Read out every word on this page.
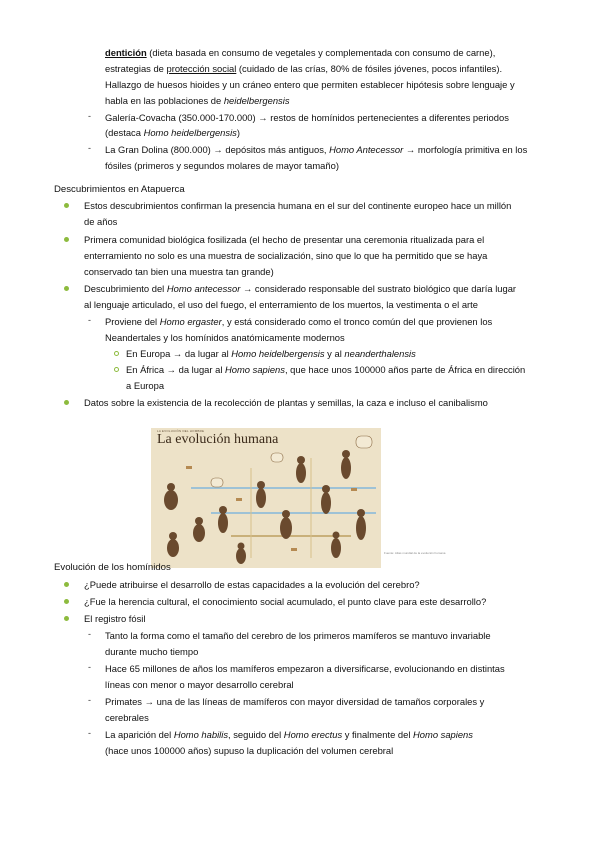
dentición (dieta basada en consumo de vegetales y complementada con consumo de carne),
estrategias de protección social (cuidado de las crías, 80% de fósiles jóvenes, pocos infantiles).
Hallazgo de huesos hioides y un cráneo entero que permiten establecer hipótesis sobre lenguaje y
habla en las poblaciones de heidelbergensis
- Galería-Covacha (350.000-170.000) → restos de homínidos pertenecientes a diferentes periodos
(destaca Homo heidelbergensis)
- La Gran Dolina (800.000) → depósitos más antiguos, Homo Antecessor → morfología primitiva en los
fósiles (primeros y segundos molares de mayor tamaño)
Descubrimientos en Atapuerca
Estos descubrimientos confirman la presencia humana en el sur del continente europeo hace un millón
de años
Primera comunidad biológica fosilizada (el hecho de presentar una ceremonia ritualizada para el
enterramiento no solo es una muestra de socialización, sino que lo que ha permitido que se haya
conservado tan bien una muestra tan grande)
Descubrimiento del Homo antecessor → considerado responsable del sustrato biológico que daría lugar
al lenguaje articulado, el uso del fuego, el enterramiento de los muertos, la vestimenta o el arte
- Proviene del Homo ergaster, y está considerado como el tronco común del que provienen los
Neandertales y los homínidos anatómicamente modernos
En Europa → da lugar al Homo heidelbergensis y al neanderthalensis
En África → da lugar al Homo sapiens, que hace unos 100000 años parte de África en dirección
a Europa
Datos sobre la existencia de la recolección de plantas y semillas, la caza e incluso el canibalismo
LA EVOLUCIÓN DEL HOMBRE
La evolución humana
Fuente: Atlas mundial de la evolución humana
Evolución de los homínidos
¿Puede atribuirse el desarrollo de estas capacidades a la evolución del cerebro?
¿Fue la herencia cultural, el conocimiento social acumulado, el punto clave para este desarrollo?
El registro fósil
- Tanto la forma como el tamaño del cerebro de los primeros mamíferos se mantuvo invariable
durante mucho tiempo
- Hace 65 millones de años los mamíferos empezaron a diversificarse, evolucionando en distintas
líneas con menor o mayor desarrollo cerebral
- Primates → una de las líneas de mamíferos con mayor diversidad de tamaños corporales y
cerebrales
- La aparición del Homo habilis, seguido del Homo erectus y finalmente del Homo sapiens
(hace unos 100000 años) supuso la duplicación del volumen cerebral
